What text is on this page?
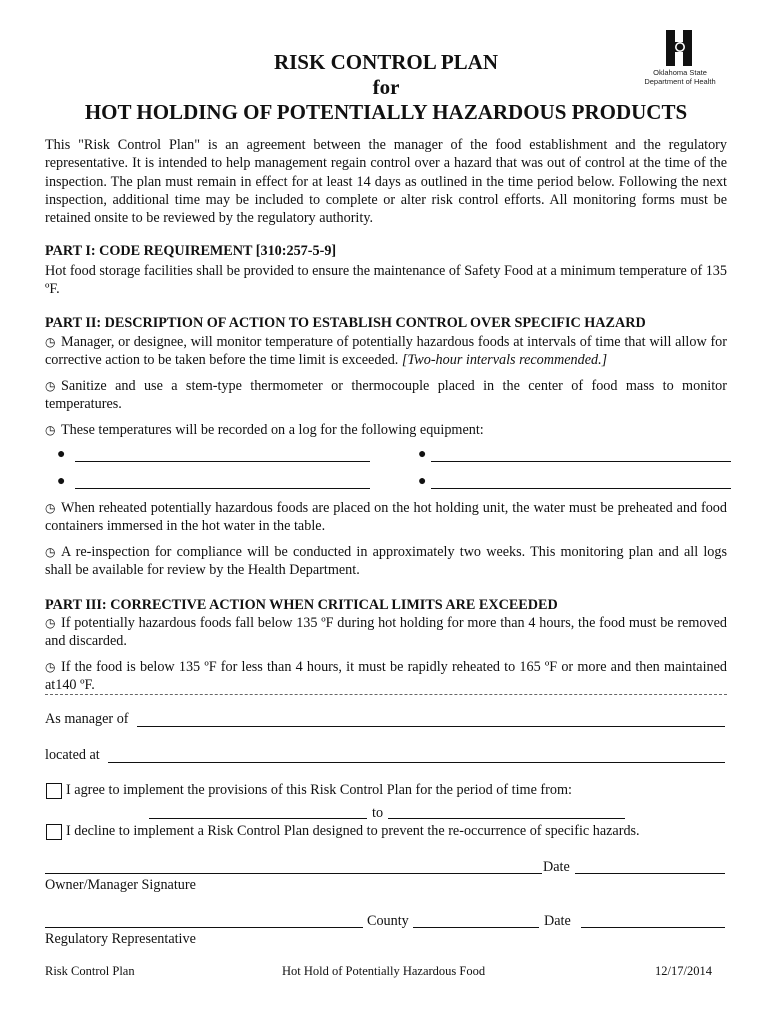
RISK CONTROL PLAN
for
HOT HOLDING OF POTENTIALLY HAZARDOUS PRODUCTS
Oklahoma State
Department of Health
This "Risk Control Plan" is an agreement between the manager of the food establishment and the regulatory representative. It is intended to help management regain control over a hazard that was out of control at the time of the inspection. The plan must remain in effect for at least 14 days as outlined in the time period below. Following the next inspection, additional time may be included to complete or alter risk control efforts. All monitoring forms must be retained onsite to be reviewed by the regulatory authority.
PART I: CODE REQUIREMENT [310:257-5-9]
Hot food storage facilities shall be provided to ensure the maintenance of Safety Food at a minimum temperature of 135 ºF.
PART II: DESCRIPTION OF ACTION TO ESTABLISH CONTROL OVER SPECIFIC HAZARD
◷ Manager, or designee, will monitor temperature of potentially hazardous foods at intervals of time that will allow for corrective action to be taken before the time limit is exceeded. [Two-hour intervals recommended.]
◷ Sanitize and use a stem-type thermometer or thermocouple placed in the center of food mass to monitor temperatures.
◷ These temperatures will be recorded on a log for the following equipment:
●	●
●	●
◷ When reheated potentially hazardous foods are placed on the hot holding unit, the water must be preheated and food containers immersed in the hot water in the table.
◷ A re-inspection for compliance will be conducted in approximately two weeks. This monitoring plan and all logs shall be available for review by the Health Department.
PART III: CORRECTIVE ACTION WHEN CRITICAL LIMITS ARE EXCEEDED
◷ If potentially hazardous foods fall below 135 ºF during hot holding for more than 4 hours, the food must be removed and discarded.
◷ If the food is below 135 ºF for less than 4 hours, it must be rapidly reheated to 165 ºF or more and then maintained at140 ºF.
As manager of
located at
I agree to implement the provisions of this Risk Control Plan for the period of time from:
to
I decline to implement a Risk Control Plan designed to prevent the re-occurrence of specific hazards.
Date
Owner/Manager Signature
County	Date
Regulatory Representative
Risk Control Plan	Hot Hold of Potentially Hazardous Food	12/17/2014
